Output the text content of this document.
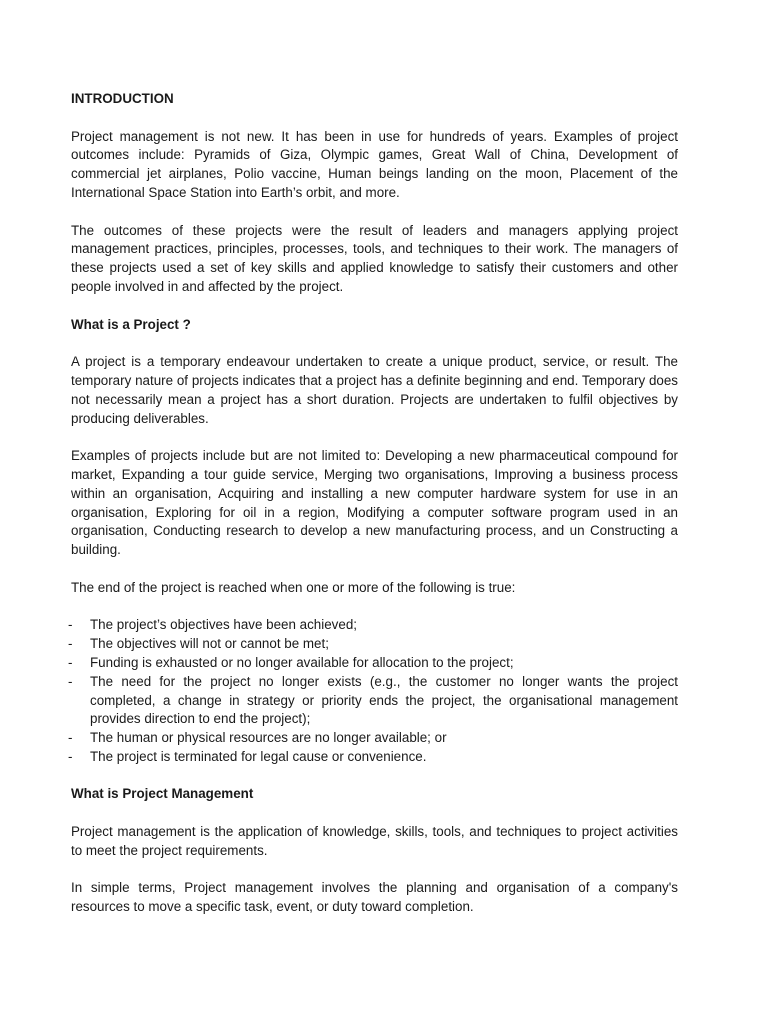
INTRODUCTION

Project management is not new. It has been in use for hundreds of years. Examples of project outcomes include: Pyramids of Giza, Olympic games, Great Wall of China, Development of commercial jet airplanes, Polio vaccine, Human beings landing on the moon, Placement of the International Space Station into Earth’s orbit, and more.

The outcomes of these projects were the result of leaders and managers applying project management practices, principles, processes, tools, and techniques to their work. The managers of these projects used a set of key skills and applied knowledge to satisfy their customers and other people involved in and affected by the project.

What is a Project ?

A project is a temporary endeavour undertaken to create a unique product, service, or result. The temporary nature of projects indicates that a project has a definite beginning and end. Temporary does not necessarily mean a project has a short duration. Projects are undertaken to fulfil objectives by producing deliverables.

Examples of projects include but are not limited to: Developing a new pharmaceutical compound for market, Expanding a tour guide service, Merging two organisations, Improving a business process within an organisation, Acquiring and installing a new computer hardware system for use in an organisation, Exploring for oil in a region, Modifying a computer software program used in an organisation, Conducting research to develop a new manufacturing process, and un Constructing a building.

The end of the project is reached when one or more of the following is true:

- The project’s objectives have been achieved;
- The objectives will not or cannot be met;
- Funding is exhausted or no longer available for allocation to the project;
- The need for the project no longer exists (e.g., the customer no longer wants the project completed, a change in strategy or priority ends the project, the organisational management provides direction to end the project);
- The human or physical resources are no longer available; or
- The project is terminated for legal cause or convenience.
What is Project Management

Project management is the application of knowledge, skills, tools, and techniques to project activities to meet the project requirements.

In simple terms, Project management involves the planning and organisation of a company's resources to move a specific task, event, or duty toward completion.
